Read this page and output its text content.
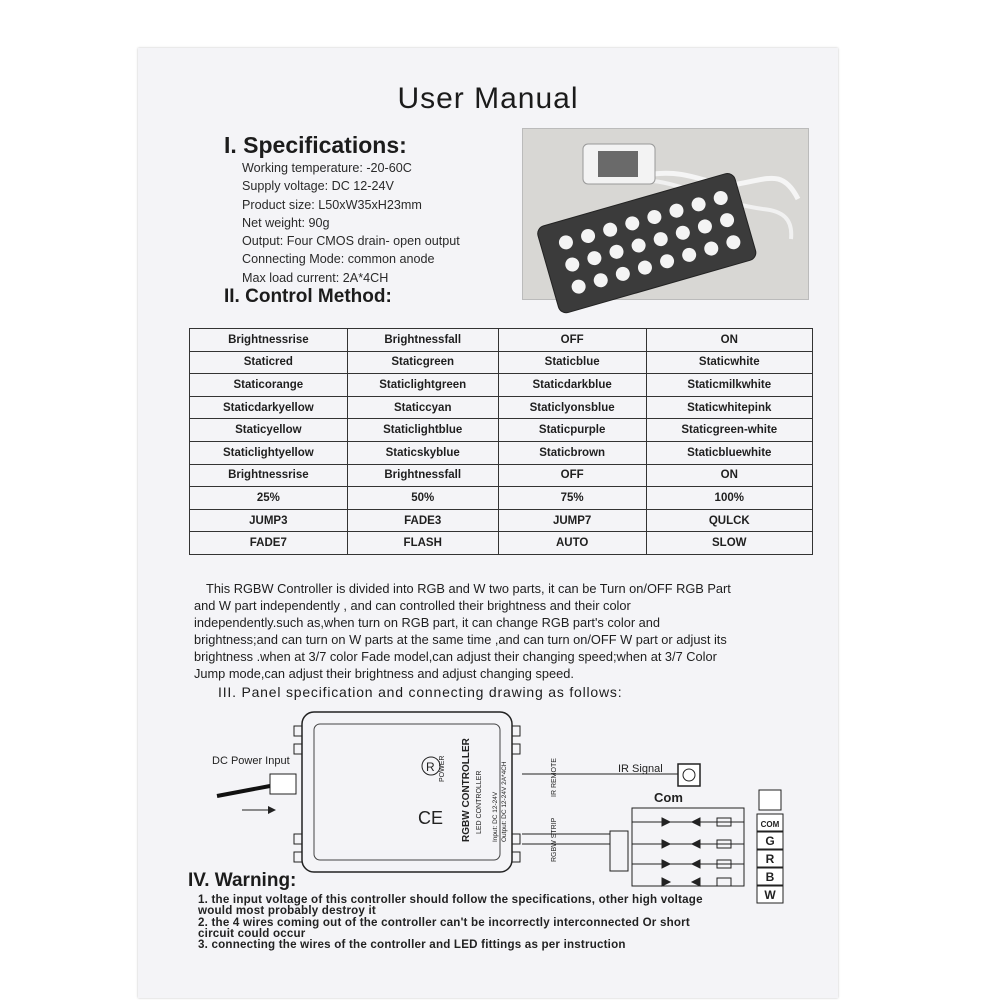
User Manual
I. Specifications:
Working temperature: -20-60C
Supply voltage: DC 12-24V
Product size: L50xW35xH23mm
Net weight: 90g
Output: Four CMOS drain- open output
Connecting Mode: common anode
Max load current: 2A*4CH
II. Control Method:
Brightnessrise	Brightnessfall	OFF	ON
Staticred	Staticgreen	Staticblue	Staticwhite
Staticorange	Staticlightgreen	Staticdarkblue	Staticmilkwhite
Staticdarkyellow	Staticcyan	Staticlyonsblue	Staticwhitepink
Staticyellow	Staticlightblue	Staticpurple	Staticgreen-white
Staticlightyellow	Staticskyblue	Staticbrown	Staticbluewhite
Brightnessrise	Brightnessfall	OFF	ON
25%	50%	75%	100%
JUMP3	FADE3	JUMP7	QULCK
FADE7	FLASH	AUTO	SLOW
This RGBW Controller is divided into RGB and W two parts, it can be Turn on/OFF RGB Part
and W part independently , and can controlled their brightness and their color
independently.such as,when turn on RGB part, it can change RGB part's color and
brightness;and can turn on W parts at the same time ,and can turn on/OFF W part or adjust its
brightness .when at 3/7 color Fade model,can adjust their changing speed;when at 3/7 Color
Jump mode,can adjust their brightness and adjust changing speed.
III. Panel specification and connecting drawing as follows:
DC Power Input	RGBW CONTROLLER LED CONTROLLER Input: DC 12-24V Output: DC 12-24V 2A*4CH
POWER
RGBW STRIP
IR REMOTE
CE
R	IR Signal
Com
COM
G
R
B
W
IV. Warning:
1. the input voltage of this controller should follow the specifications, other high voltage
would most probably destroy it
2. the 4 wires coming out of the controller can't be incorrectly interconnected Or short
circuit could occur
3. connecting the wires of the controller and LED fittings as per instruction
